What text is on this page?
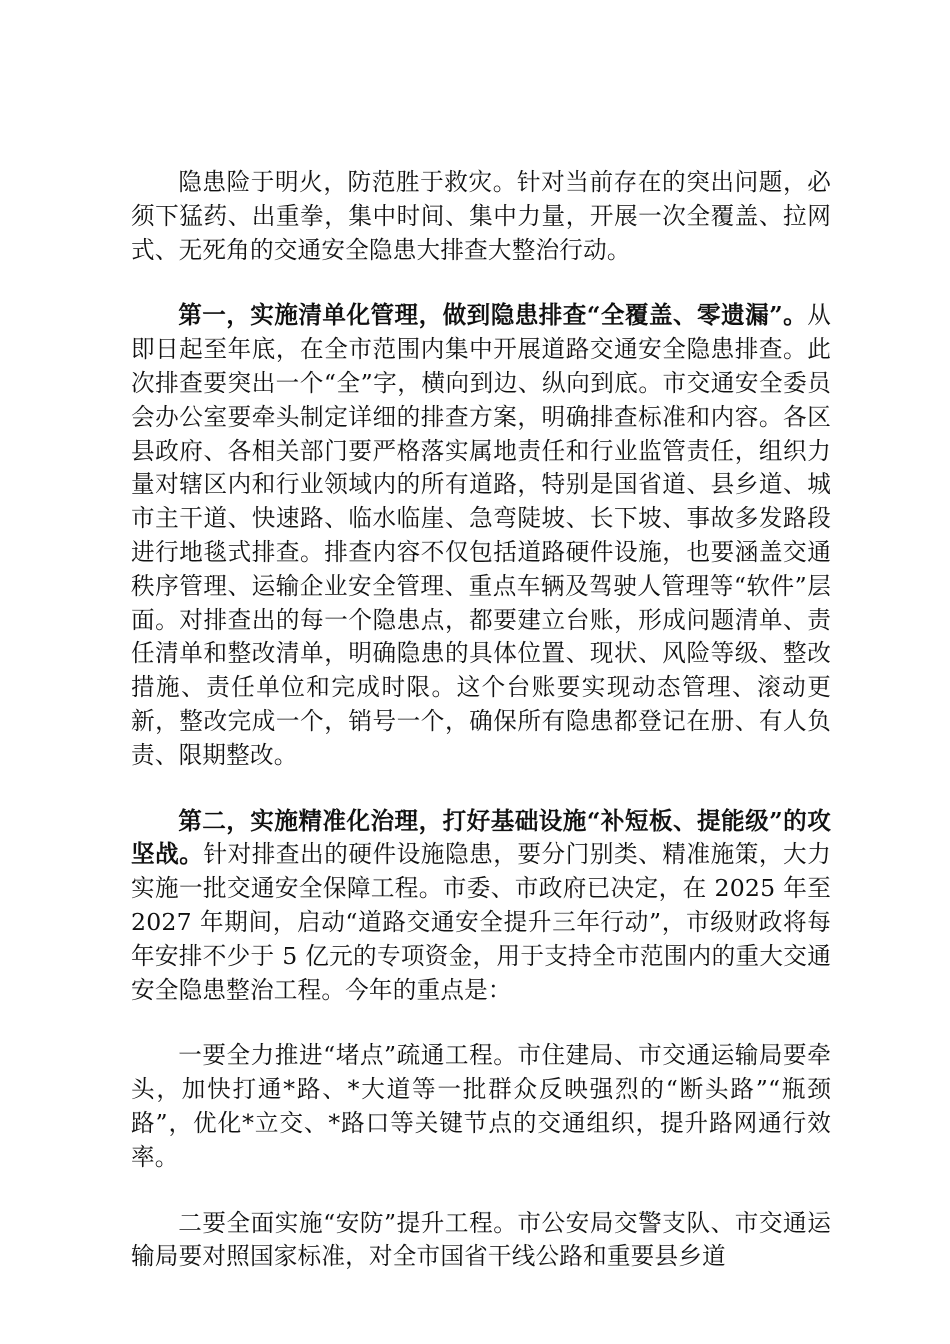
隐患险于明火，防范胜于救灾。针对当前存在的突出问题，必须下猛药、出重拳，集中时间、集中力量，开展一次全覆盖、拉网式、无死角的交通安全隐患大排查大整治行动。

第一，实施清单化管理，做到隐患排查“全覆盖、零遗漏”。从即日起至年底，在全市范围内集中开展道路交通安全隐患排查。此次排查要突出一个“全”字，横向到边、纵向到底。市交通安全委员会办公室要牵头制定详细的排查方案，明确排查标准和内容。各区县政府、各相关部门要严格落实属地责任和行业监管责任，组织力量对辖区内和行业领域内的所有道路，特别是国省道、县乡道、城市主干道、快速路、临水临崖、急弯陡坡、长下坡、事故多发路段进行地毯式排查。排查内容不仅包括道路硬件设施，也要涵盖交通秩序管理、运输企业安全管理、重点车辆及驾驶人管理等“软件”层面。对排查出的每一个隐患点，都要建立台账，形成问题清单、责任清单和整改清单，明确隐患的具体位置、现状、风险等级、整改措施、责任单位和完成时限。这个台账要实现动态管理、滚动更新，整改完成一个，销号一个，确保所有隐患都登记在册、有人负责、限期整改。

第二，实施精准化治理，打好基础设施“补短板、提能级”的攻坚战。针对排查出的硬件设施隐患，要分门别类、精准施策，大力实施一批交通安全保障工程。市委、市政府已决定，在 2025 年至 2027 年期间，启动“道路交通安全提升三年行动”，市级财政将每年安排不少于 5 亿元的专项资金，用于支持全市范围内的重大交通安全隐患整治工程。今年的重点是：

一要全力推进“堵点”疏通工程。市住建局、市交通运输局要牵头，加快打通*路、*大道等一批群众反映强烈的“断头路”“瓶颈路”，优化*立交、*路口等关键节点的交通组织，提升路网通行效率。

二要全面实施“安防”提升工程。市公安局交警支队、市交通运输局要对照国家标准，对全市国省干线公路和重要县乡道
